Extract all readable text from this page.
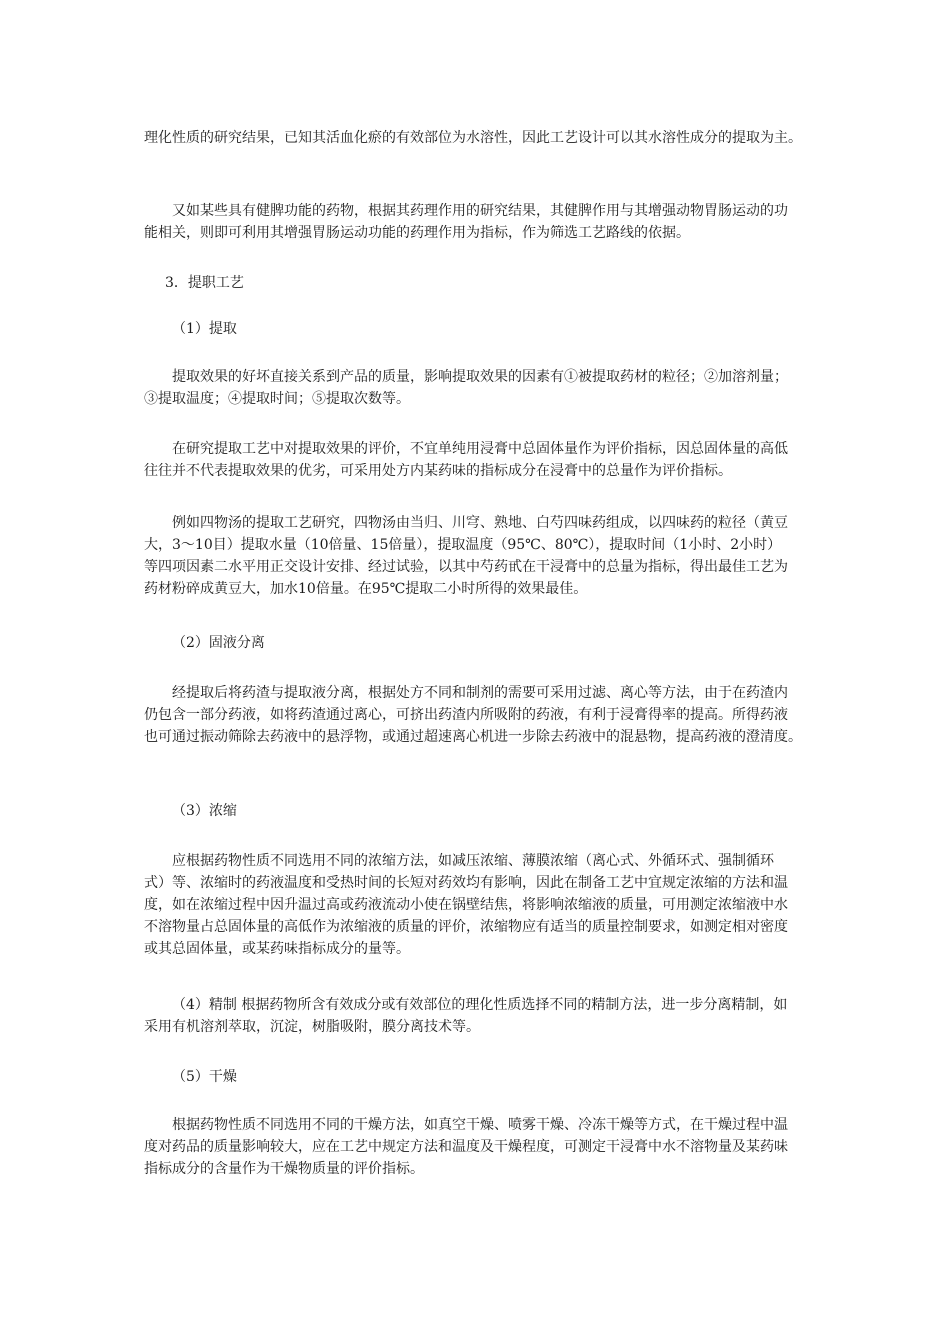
理化性质的研究结果，已知其活血化瘀的有效部位为水溶性，因此工艺设计可以其水溶性成分的提取为主。
又如某些具有健脾功能的药物，根据其药理作用的研究结果，其健脾作用与其增强动物胃肠运动的功
能相关，则即可利用其增强胃肠运动功能的药理作用为指标，作为筛选工艺路线的依据。
3．提职工艺
（1）提取
提取效果的好坏直接关系到产品的质量，影响提取效果的因素有①被提取药材的粒径；②加溶剂量；
③提取温度；④提取时间；⑤提取次数等。
在研究提取工艺中对提取效果的评价，不宜单纯用浸膏中总固体量作为评价指标，因总固体量的高低
往往并不代表提取效果的优劣，可采用处方内某药味的指标成分在浸膏中的总量作为评价指标。
例如四物汤的提取工艺研究，四物汤由当归、川穹、熟地、白芍四味药组成，以四味药的粒径（黄豆
大，3～10目）提取水量（10倍量、15倍量），提取温度（95℃、80℃），提取时间（1小时、2小时）
等四项因素二水平用正交设计安排、经过试验，以其中芍药甙在干浸膏中的总量为指标，得出最佳工艺为
药材粉碎成黄豆大，加水10倍量。在95℃提取二小时所得的效果最佳。
（2）固液分离
经提取后将药渣与提取液分离，根据处方不同和制剂的需要可采用过滤、离心等方法，由于在药渣内
仍包含一部分药液，如将药渣通过离心，可挤出药渣内所吸附的药液，有利于浸膏得率的提高。所得药液
也可通过振动筛除去药液中的悬浮物，或通过超速离心机进一步除去药液中的混悬物，提高药液的澄清度。
（3）浓缩
应根据药物性质不同选用不同的浓缩方法，如减压浓缩、薄膜浓缩（离心式、外循环式、强制循环
式）等、浓缩时的药液温度和受热时间的长短对药效均有影响，因此在制备工艺中宜规定浓缩的方法和温
度，如在浓缩过程中因升温过高或药液流动小使在锅壁结焦，将影响浓缩液的质量，可用测定浓缩液中水
不溶物量占总固体量的高低作为浓缩液的质量的评价，浓缩物应有适当的质量控制要求，如测定相对密度
或其总固体量，或某药味指标成分的量等。
（4）精制 根据药物所含有效成分或有效部位的理化性质选择不同的精制方法，进一步分离精制，如
采用有机溶剂萃取，沉淀，树脂吸附，膜分离技术等。
（5）干燥
根据药物性质不同选用不同的干燥方法，如真空干燥、喷雾干燥、冷冻干燥等方式，在干燥过程中温
度对药品的质量影响较大，应在工艺中规定方法和温度及干燥程度，可测定干浸膏中水不溶物量及某药味
指标成分的含量作为干燥物质量的评价指标。
